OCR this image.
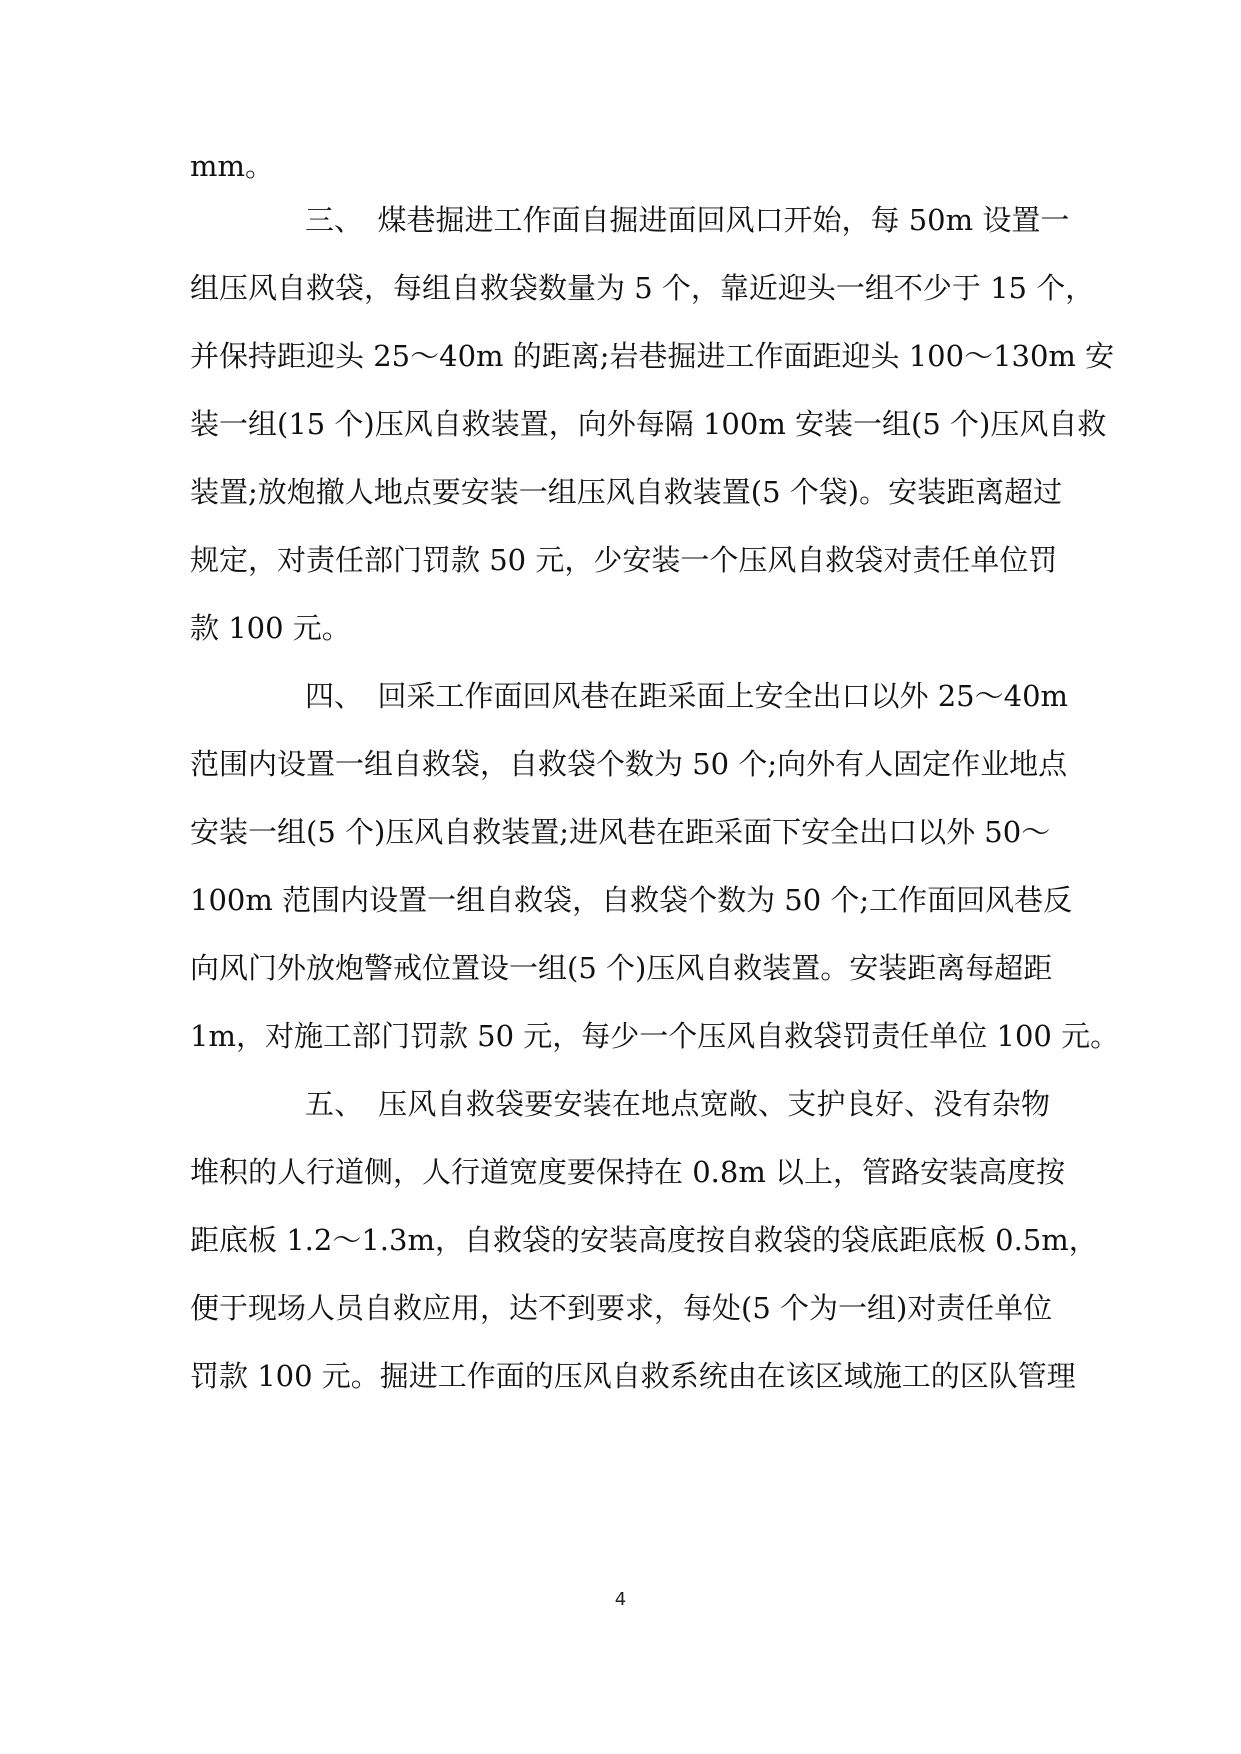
mm。
三、　煤巷掘进工作面自掘进面回风口开始，每 50m 设置一
组压风自救袋，每组自救袋数量为 5 个，靠近迎头一组不少于 15 个，
并保持距迎头 25～40m 的距离;岩巷掘进工作面距迎头 100～130m 安
装一组(15 个)压风自救装置，向外每隔 100m 安装一组(5 个)压风自救
装置;放炮撤人地点要安装一组压风自救装置(5 个袋)。安装距离超过
规定，对责任部门罚款 50 元，少安装一个压风自救袋对责任单位罚
款 100 元。
四、　回采工作面回风巷在距采面上安全出口以外 25～40m
范围内设置一组自救袋，自救袋个数为 50 个;向外有人固定作业地点
安装一组(5 个)压风自救装置;进风巷在距采面下安全出口以外 50～
100m 范围内设置一组自救袋，自救袋个数为 50 个;工作面回风巷反
向风门外放炮警戒位置设一组(5 个)压风自救装置。安装距离每超距
1m，对施工部门罚款 50 元，每少一个压风自救袋罚责任单位 100 元。
五、　压风自救袋要安装在地点宽敞、支护良好、没有杂物
堆积的人行道侧，人行道宽度要保持在 0.8m 以上，管路安装高度按
距底板 1.2～1.3m，自救袋的安装高度按自救袋的袋底距底板 0.5m，
便于现场人员自救应用，达不到要求，每处(5 个为一组)对责任单位
罚款 100 元。掘进工作面的压风自救系统由在该区域施工的区队管理
4
